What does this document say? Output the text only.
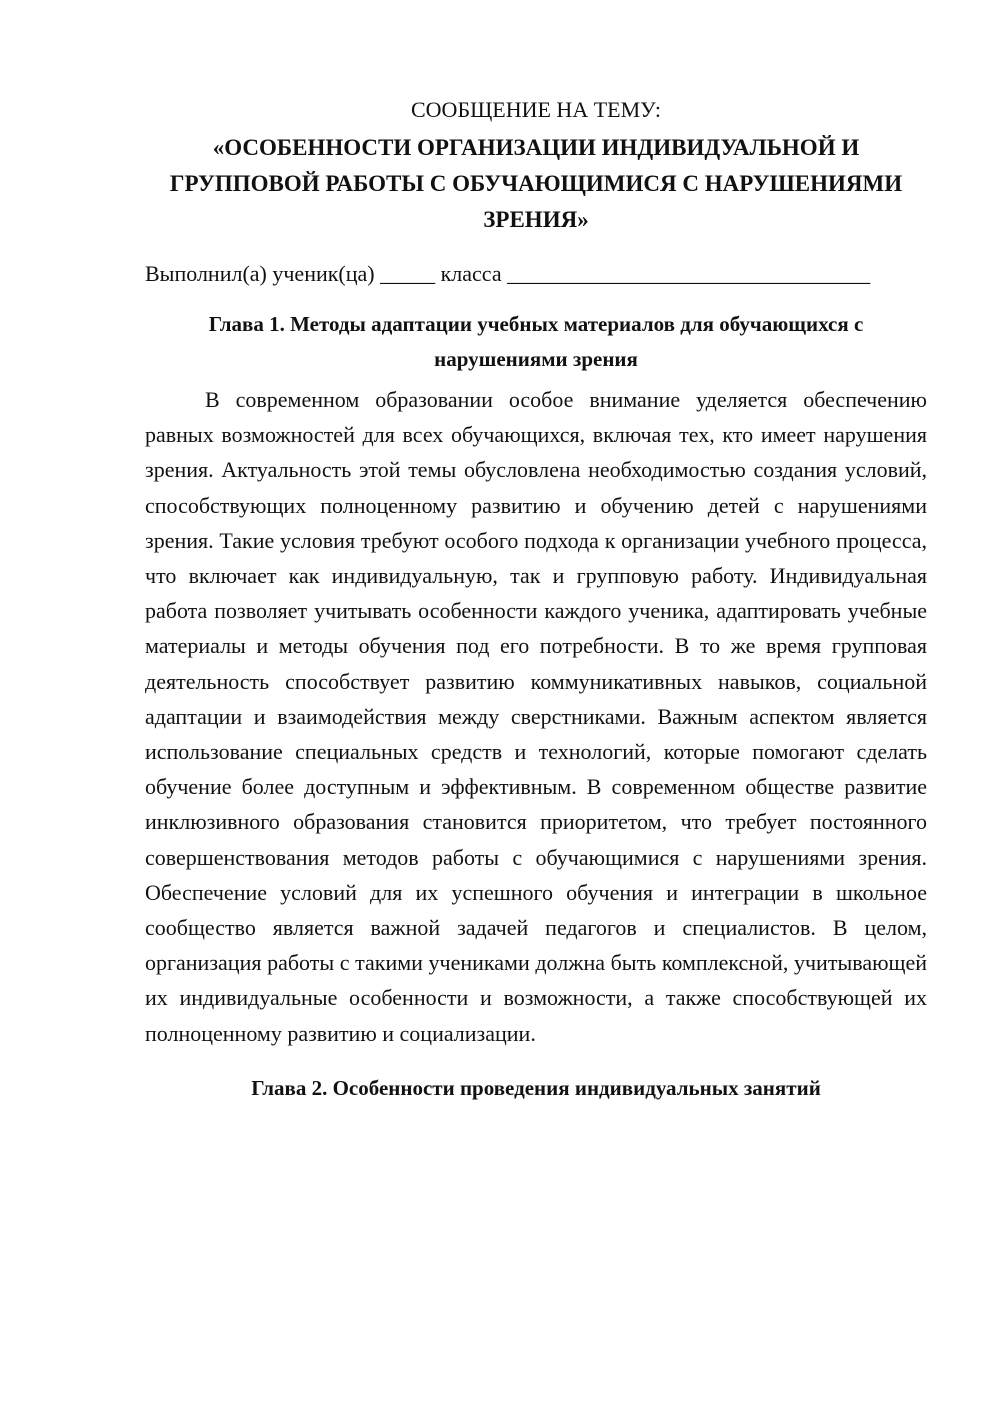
СООБЩЕНИЕ НА ТЕМУ:

«ОСОБЕННОСТИ ОРГАНИЗАЦИИ ИНДИВИДУАЛЬНОЙ И ГРУППОВОЙ РАБОТЫ С ОБУЧАЮЩИМИСЯ С НАРУШЕНИЯМИ ЗРЕНИЯ»

Выполнил(а) ученик(ца) _____ класса _________________________________

Глава 1. Методы адаптации учебных материалов для обучающихся с нарушениями зрения

В современном образовании особое внимание уделяется обеспечению равных возможностей для всех обучающихся, включая тех, кто имеет нарушения зрения. Актуальность этой темы обусловлена необходимостью создания условий, способствующих полноценному развитию и обучению детей с нарушениями зрения. Такие условия требуют особого подхода к организации учебного процесса, что включает как индивидуальную, так и групповую работу. Индивидуальная работа позволяет учитывать особенности каждого ученика, адаптировать учебные материалы и методы обучения под его потребности. В то же время групповая деятельность способствует развитию коммуникативных навыков, социальной адаптации и взаимодействия между сверстниками. Важным аспектом является использование специальных средств и технологий, которые помогают сделать обучение более доступным и эффективным. В современном обществе развитие инклюзивного образования становится приоритетом, что требует постоянного совершенствования методов работы с обучающимися с нарушениями зрения. Обеспечение условий для их успешного обучения и интеграции в школьное сообщество является важной задачей педагогов и специалистов. В целом, организация работы с такими учениками должна быть комплексной, учитывающей их индивидуальные особенности и возможности, а также способствующей их полноценному развитию и социализации.

Глава 2. Особенности проведения индивидуальных занятий
